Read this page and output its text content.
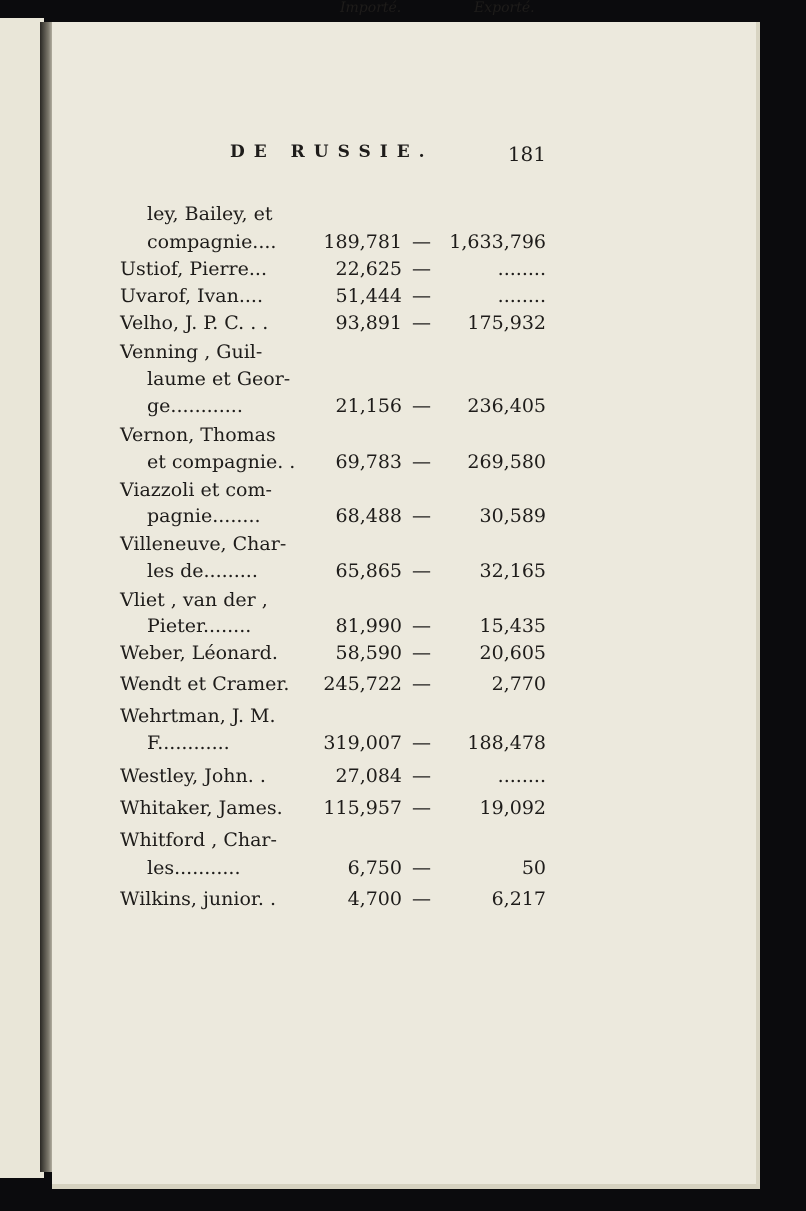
DE RUSSIE.	181
Importé.	Exporté.
ley, Bailey, et
compagnie.... 189,781 — 1,633,796
Ustiof, Pierre...	22,625 —	........
Uvarof, Ivan....	51,444 —	........
Velho, J. P. C. . .	93,891 — 175,932
Venning , Guil-
laume et Geor-
ge............	21,156 — 236,405
Vernon, Thomas
et compagnie. . 69,783 — 269,580
Viazzoli et com-
pagnie........	68,488 —	30,589
Villeneuve, Char-
les de.........	65,865 —	32,165
Vliet , van der ,
Pieter........	81,990 —	15,435
Weber, Léonard.	58,590 —	20,605
Wendt et Cramer. 245,722 —	2,770
Wehrtman, J. M.
F............	319,007 — 188,478
Westley, John. .	27,084 —	........
Whitaker, James. 115,957 —	19,092
Whitford , Char-
les...........	6,750 —	50
Wilkins, junior. .	4,700 —	6,217
